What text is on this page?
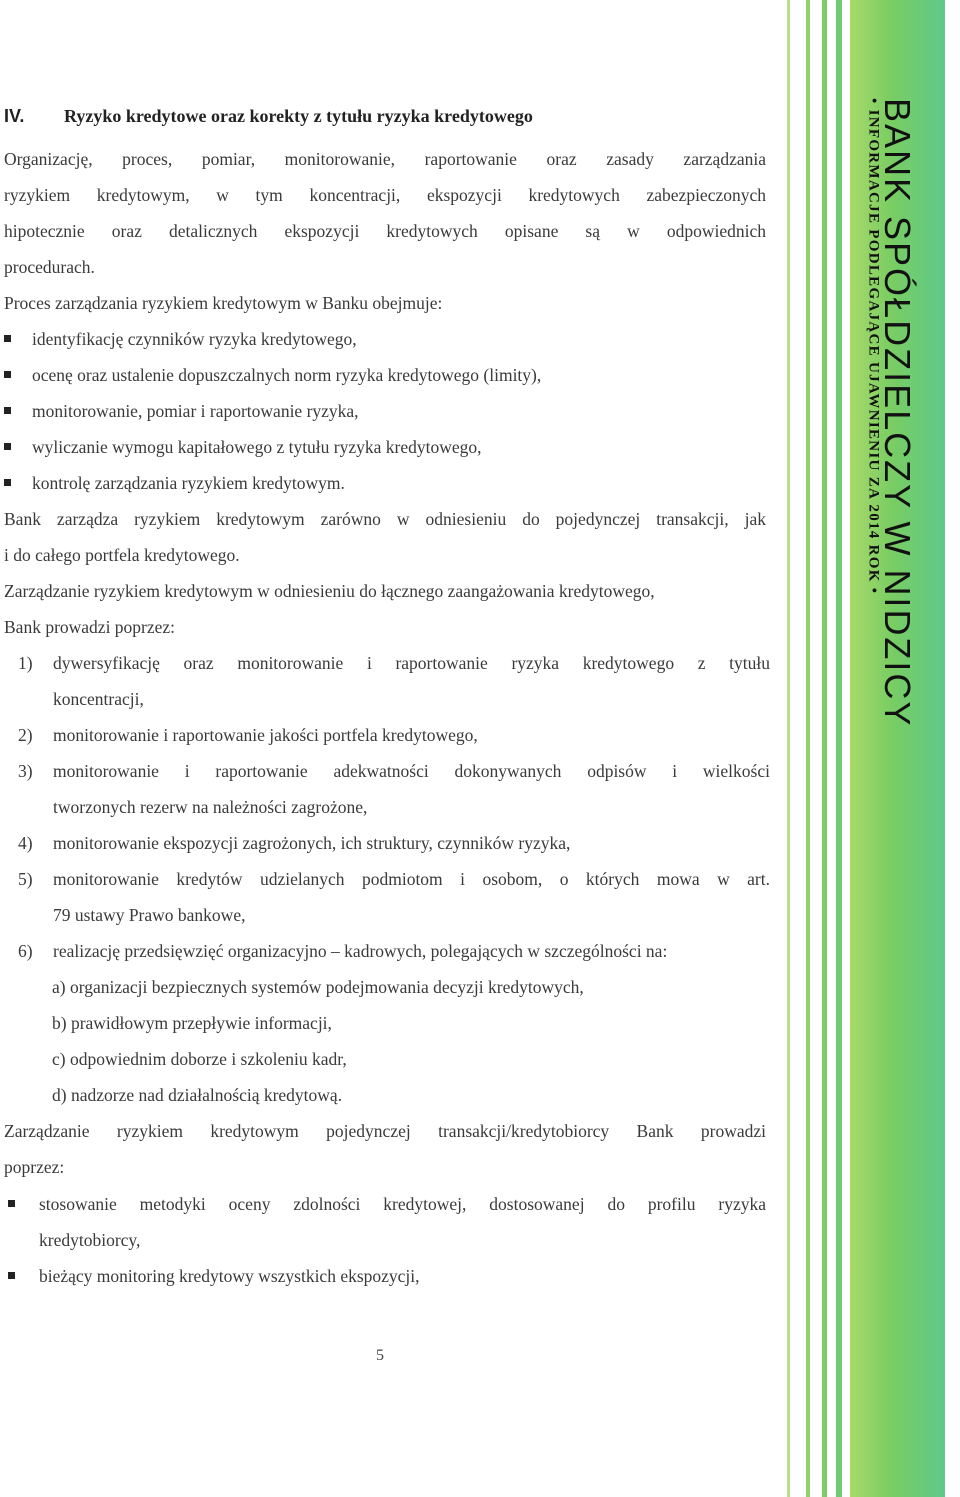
BANK SPÓŁDZIELCZY W NIDZICY
• INFORMACJE PODLEGAJĄCE UJAWNIENIU ZA 2014 ROK •
IV. Ryzyko kredytowe oraz korekty z tytułu ryzyka kredytowego
Organizację, proces, pomiar, monitorowanie, raportowanie oraz zasady zarządzania
ryzykiem kredytowym, w tym koncentracji, ekspozycji kredytowych zabezpieczonych
hipotecznie oraz detalicznych ekspozycji kredytowych opisane są w odpowiednich
procedurach.
Proces zarządzania ryzykiem kredytowym w Banku obejmuje:
identyfikację czynników ryzyka kredytowego,
ocenę oraz ustalenie dopuszczalnych norm ryzyka kredytowego (limity),
monitorowanie, pomiar i raportowanie ryzyka,
wyliczanie wymogu kapitałowego z tytułu ryzyka kredytowego,
kontrolę zarządzania ryzykiem kredytowym.
Bank zarządza ryzykiem kredytowym zarówno w odniesieniu do pojedynczej transakcji, jak
i do całego portfela kredytowego.
Zarządzanie ryzykiem kredytowym w odniesieniu do łącznego zaangażowania kredytowego,
Bank prowadzi poprzez:
1) dywersyfikację oraz monitorowanie i raportowanie ryzyka kredytowego z tytułu
koncentracji,
2) monitorowanie i raportowanie jakości portfela kredytowego,
3) monitorowanie i raportowanie adekwatności dokonywanych odpisów i wielkości
tworzonych rezerw na należności zagrożone,
4) monitorowanie ekspozycji zagrożonych, ich struktury, czynników ryzyka,
5) monitorowanie kredytów udzielanych podmiotom i osobom, o których mowa w art.
79 ustawy Prawo bankowe,
6) realizację przedsięwzięć organizacyjno – kadrowych, polegających w szczególności na:
a) organizacji bezpiecznych systemów podejmowania decyzji kredytowych,
b) prawidłowym przepływie informacji,
c) odpowiednim doborze i szkoleniu kadr,
d) nadzorze nad działalnością kredytową.
Zarządzanie ryzykiem kredytowym pojedynczej transakcji/kredytobiorcy Bank prowadzi
poprzez:
stosowanie metodyki oceny zdolności kredytowej, dostosowanej do profilu ryzyka
kredytobiorcy,
bieżący monitoring kredytowy wszystkich ekspozycji,
5
